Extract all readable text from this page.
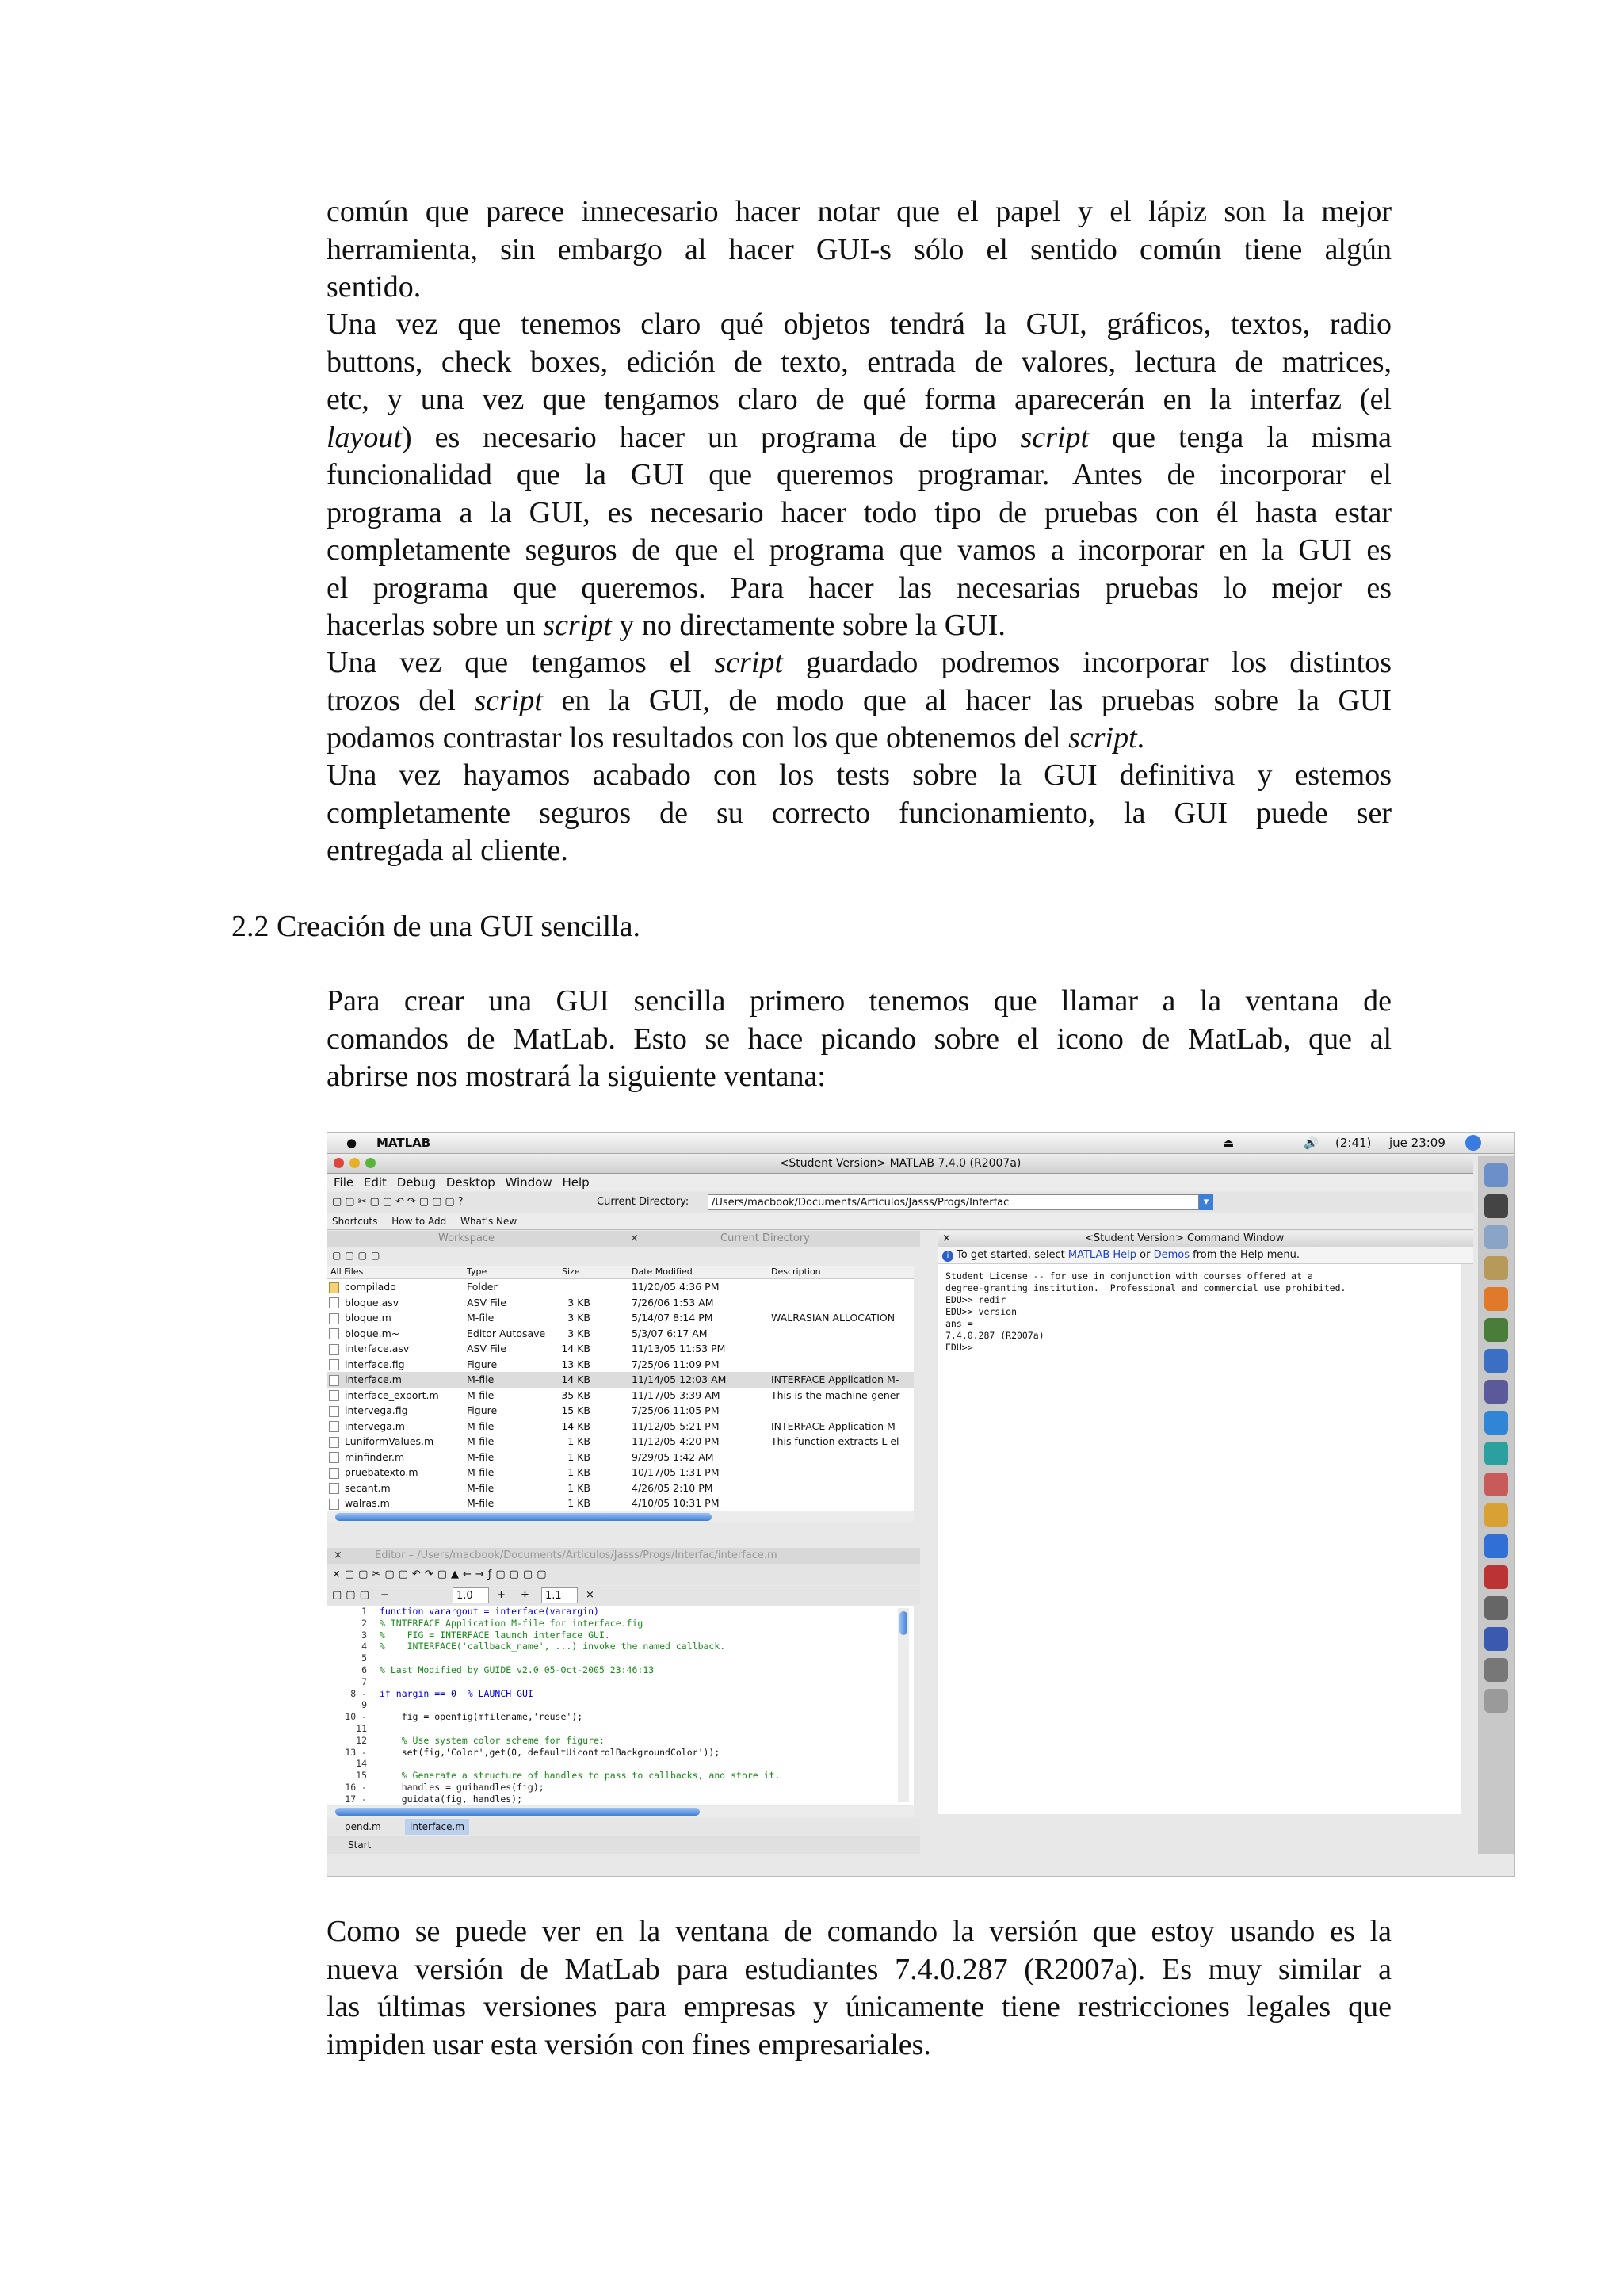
común que parece innecesario hacer notar que el papel y el lápiz son la mejor
herramienta, sin embargo al hacer GUI-s sólo el sentido común tiene algún
sentido.
Una vez que tenemos claro qué objetos tendrá la GUI, gráficos, textos, radio
buttons, check boxes, edición de texto, entrada de valores, lectura de matrices,
etc, y una vez que tengamos claro de qué forma aparecerán en la interfaz (el
layout) es necesario hacer un programa de tipo script que tenga la misma
funcionalidad que la GUI que queremos programar. Antes de incorporar el
programa a la GUI, es necesario hacer todo tipo de pruebas con él hasta estar
completamente seguros de que el programa que vamos a incorporar en la GUI es
el programa que queremos. Para hacer las necesarias pruebas lo mejor es
hacerlas sobre un script y no directamente sobre la GUI.
Una vez que tengamos el script guardado podremos incorporar los distintos
trozos del script en la GUI, de modo que al hacer las pruebas sobre la GUI
podamos contrastar los resultados con los que obtenemos del script.
Una vez hayamos acabado con los tests sobre la GUI definitiva y estemos
completamente seguros de su correcto funcionamiento, la GUI puede ser
entregada al cliente.
2.2 Creación de una GUI sencilla.
Para crear una GUI sencilla primero tenemos que llamar a la ventana de
comandos de MatLab. Esto se hace picando sobre el icono de MatLab, que al
abrirse nos mostrará la siguiente ventana:
● MATLAB	⏏	🔊 (2:41) jue 23:09
<Student Version> MATLAB 7.4.0 (R2007a)
File Edit Debug Desktop Window Help
▢▢✂▢▢↶↷▢▢▢?	Current Directory:	/Users/macbook/Documents/Articulos/Jasss/Progs/Interfac	▾
Shortcuts How to Add What's New
Workspace	×	Current Directory
▢▢▢▢
All Files	Type	Size	Date Modified	Description
compilado	Folder	11/20/05 4:36 PM
bloque.asv	ASV File	3 KB	7/26/06 1:53 AM
bloque.m	M-file	3 KB	5/14/07 8:14 PM	WALRASIAN ALLOCATION
bloque.m~	Editor Autosave	3 KB	5/3/07 6:17 AM
interface.asv	ASV File	14 KB	11/13/05 11:53 PM
interface.fig	Figure	13 KB	7/25/06 11:09 PM
interface.m	M-file	14 KB	11/14/05 12:03 AM	INTERFACE Application M-
interface_export.m	M-file	35 KB	11/17/05 3:39 AM	This is the machine-gener
intervega.fig	Figure	15 KB	7/25/06 11:05 PM
intervega.m	M-file	14 KB	11/12/05 5:21 PM	INTERFACE Application M-
LuniformValues.m	M-file	1 KB	11/12/05 4:20 PM	This function extracts L el
minfinder.m	M-file	1 KB	9/29/05 1:42 AM
pruebatexto.m	M-file	1 KB	10/17/05 1:31 PM
secant.m	M-file	1 KB	4/26/05 2:10 PM
walras.m	M-file	1 KB	4/10/05 10:31 PM
×	Editor – /Users/macbook/Documents/Articulos/Jasss/Progs/Interfac/interface.m
×▢▢✂▢▢↶↷▢▲←→ƒ▢▢▢▢
▢▢▢ −	1.0	+ ÷	1.1	×
1 function varargout = interface(varargin)
2 % INTERFACE Application M-file for interface.fig
3 %    FIG = INTERFACE launch interface GUI.
4 %    INTERFACE('callback_name', ...) invoke the named callback.
5
6 % Last Modified by GUIDE v2.0 05-Oct-2005 23:46:13
7
8 - if nargin == 0  % LAUNCH GUI
9
10 - fig = openfig(mfilename,'reuse');
11
12 % Use system color scheme for figure:
13 - set(fig,'Color',get(0,'defaultUicontrolBackgroundColor'));
14
15 % Generate a structure of handles to pass to callbacks, and store it.
16 - handles = guihandles(fig);
17 - guidata(fig, handles);
pend.m	interface.m
Start
×	<Student Version> Command Window
i To get started, select MATLAB Help or Demos from the Help menu.
Student License -- for use in conjunction with courses offered at a
degree-granting institution.  Professional and commercial use prohibited.
EDU>> redir
EDU>> version
ans =
7.4.0.287 (R2007a)
EDU>>
Como se puede ver en la ventana de comando la versión que estoy usando es la
nueva versión de MatLab para estudiantes 7.4.0.287 (R2007a). Es muy similar a
las últimas versiones para empresas y únicamente tiene restricciones legales que
impiden usar esta versión con fines empresariales.
